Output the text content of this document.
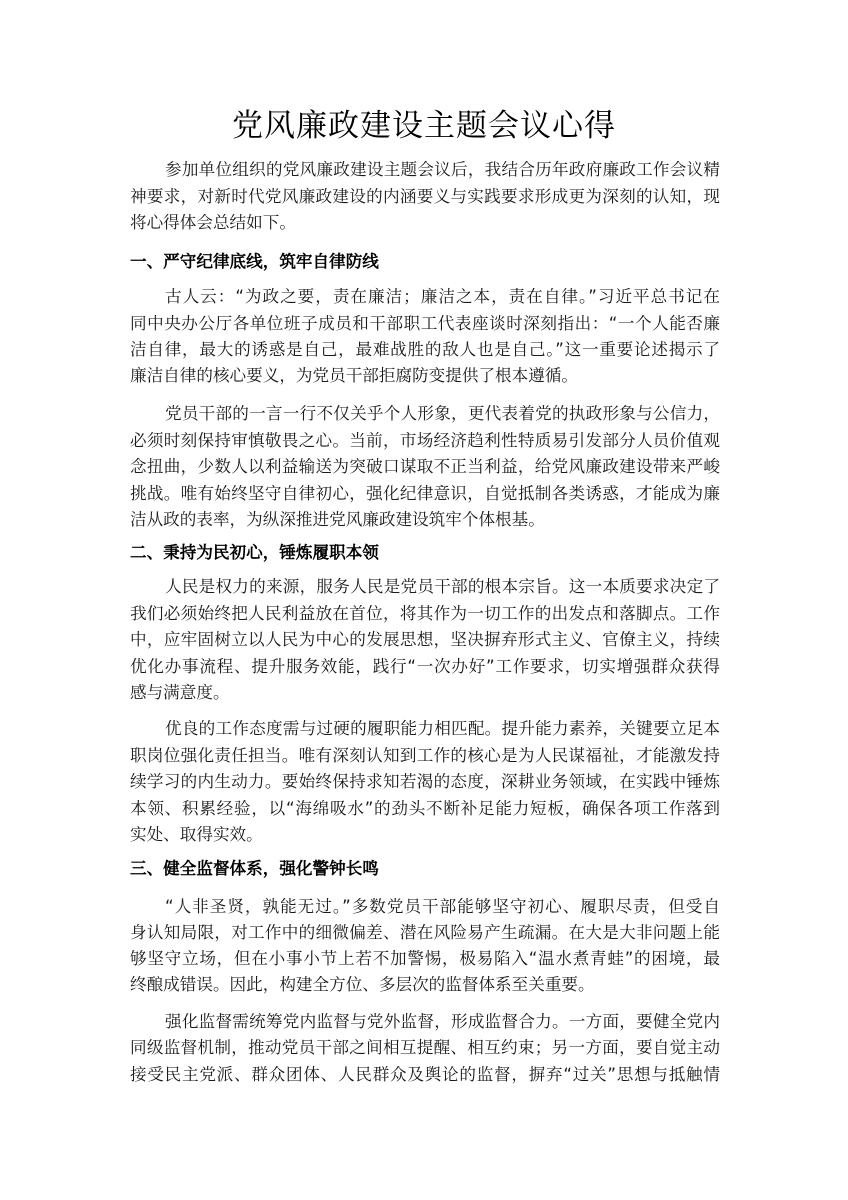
党风廉政建设主题会议心得
参加单位组织的党风廉政建设主题会议后，我结合历年政府廉政工作会议精
神要求，对新时代党风廉政建设的内涵要义与实践要求形成更为深刻的认知，现
将心得体会总结如下。
一、严守纪律底线，筑牢自律防线
古人云：“为政之要，责在廉洁；廉洁之本，责在自律。”习近平总书记在
同中央办公厅各单位班子成员和干部职工代表座谈时深刻指出：“一个人能否廉
洁自律，最大的诱惑是自己，最难战胜的敌人也是自己。”这一重要论述揭示了
廉洁自律的核心要义，为党员干部拒腐防变提供了根本遵循。
党员干部的一言一行不仅关乎个人形象，更代表着党的执政形象与公信力，
必须时刻保持审慎敬畏之心。当前，市场经济趋利性特质易引发部分人员价值观
念扭曲，少数人以利益输送为突破口谋取不正当利益，给党风廉政建设带来严峻
挑战。唯有始终坚守自律初心，强化纪律意识，自觉抵制各类诱惑，才能成为廉
洁从政的表率，为纵深推进党风廉政建设筑牢个体根基。
二、秉持为民初心，锤炼履职本领
人民是权力的来源，服务人民是党员干部的根本宗旨。这一本质要求决定了
我们必须始终把人民利益放在首位，将其作为一切工作的出发点和落脚点。工作
中，应牢固树立以人民为中心的发展思想，坚决摒弃形式主义、官僚主义，持续
优化办事流程、提升服务效能，践行“一次办好”工作要求，切实增强群众获得
感与满意度。
优良的工作态度需与过硬的履职能力相匹配。提升能力素养，关键要立足本
职岗位强化责任担当。唯有深刻认知到工作的核心是为人民谋福祉，才能激发持
续学习的内生动力。要始终保持求知若渴的态度，深耕业务领域，在实践中锤炼
本领、积累经验，以“海绵吸水”的劲头不断补足能力短板，确保各项工作落到
实处、取得实效。
三、健全监督体系，强化警钟长鸣
“人非圣贤，孰能无过。”多数党员干部能够坚守初心、履职尽责，但受自
身认知局限，对工作中的细微偏差、潜在风险易产生疏漏。在大是大非问题上能
够坚守立场，但在小事小节上若不加警惕，极易陷入“温水煮青蛙”的困境，最
终酿成错误。因此，构建全方位、多层次的监督体系至关重要。
强化监督需统筹党内监督与党外监督，形成监督合力。一方面，要健全党内
同级监督机制，推动党员干部之间相互提醒、相互约束；另一方面，要自觉主动
接受民主党派、群众团体、人民群众及舆论的监督，摒弃“过关”思想与抵触情
